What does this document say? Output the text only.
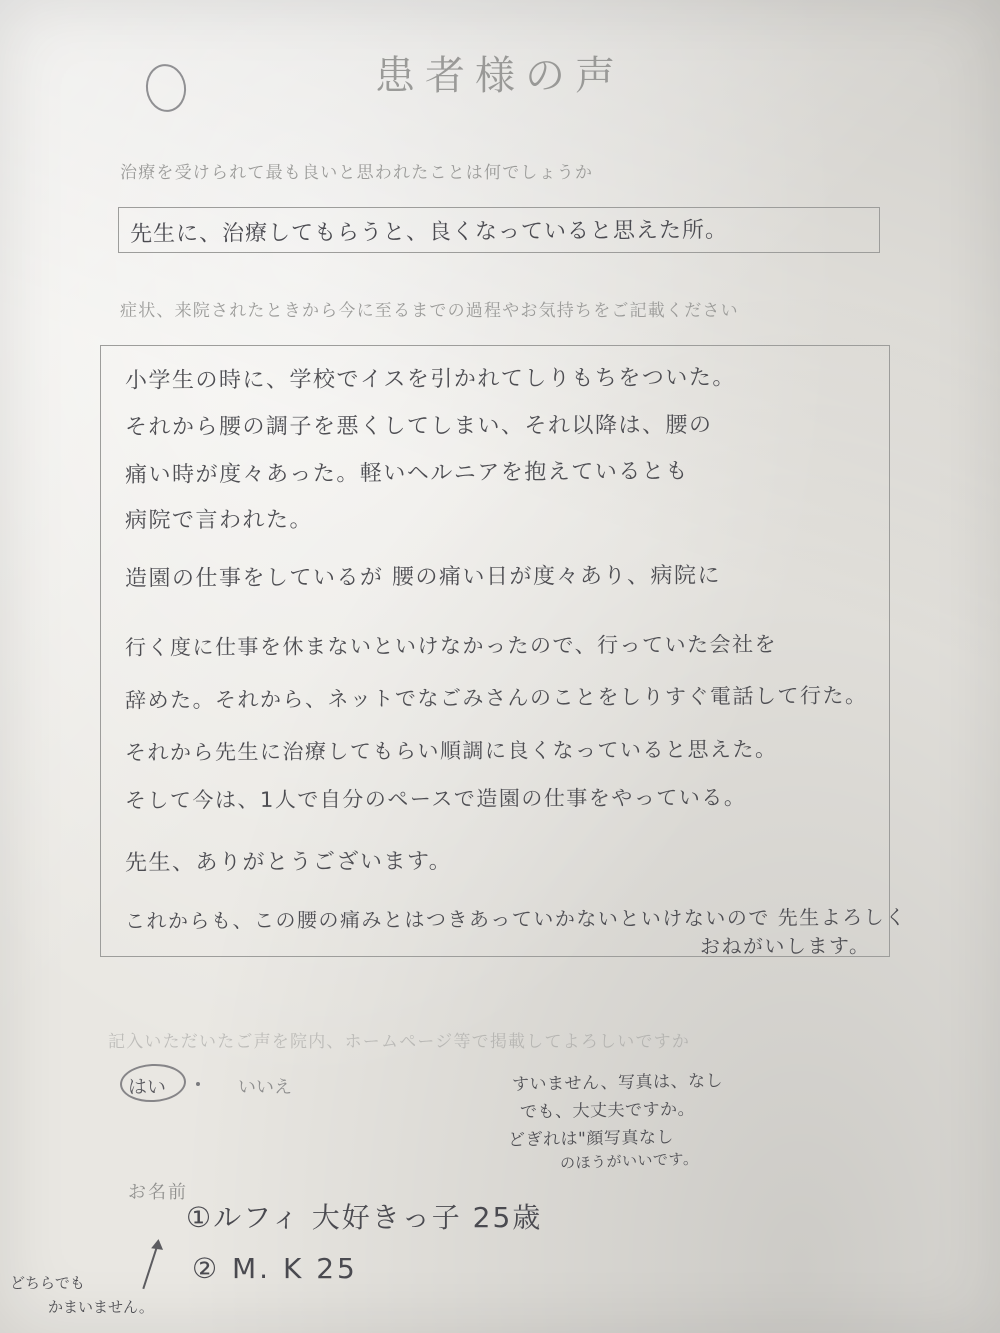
患者様の声
治療を受けられて最も良いと思われたことは何でしょうか
先生に、治療してもらうと、良くなっていると思えた所。
症状、来院されたときから今に至るまでの過程やお気持ちをご記載ください
小学生の時に、学校でイスを引かれてしりもちをついた。
それから腰の調子を悪くしてしまい、それ以降は、腰の
痛い時が度々あった。軽いヘルニアを抱えているとも
病院で言われた。
造園の仕事をしているが 腰の痛い日が度々あり、病院に
行く度に仕事を休まないといけなかったので、行っていた会社を
辞めた。それから、ネットでなごみさんのことをしりすぐ電話して行た。
それから先生に治療してもらい順調に良くなっていると思えた。
そして今は、1人で自分のペースで造園の仕事をやっている。
先生、ありがとうございます。
これからも、この腰の痛みとはつきあっていかないといけないので 先生よろしく
おねがいします。
記入いただいたご声を院内、ホームページ等で掲載してよろしいですか
はい	いいえ	すいません、写真は、なし
でも、大丈夫ですか。
どぎれは"顔写真なし
のほうがいいです。
お名前
①ルフィ 大好きっ子 25歳
② M. K 25
どちらでも
かまいません。
